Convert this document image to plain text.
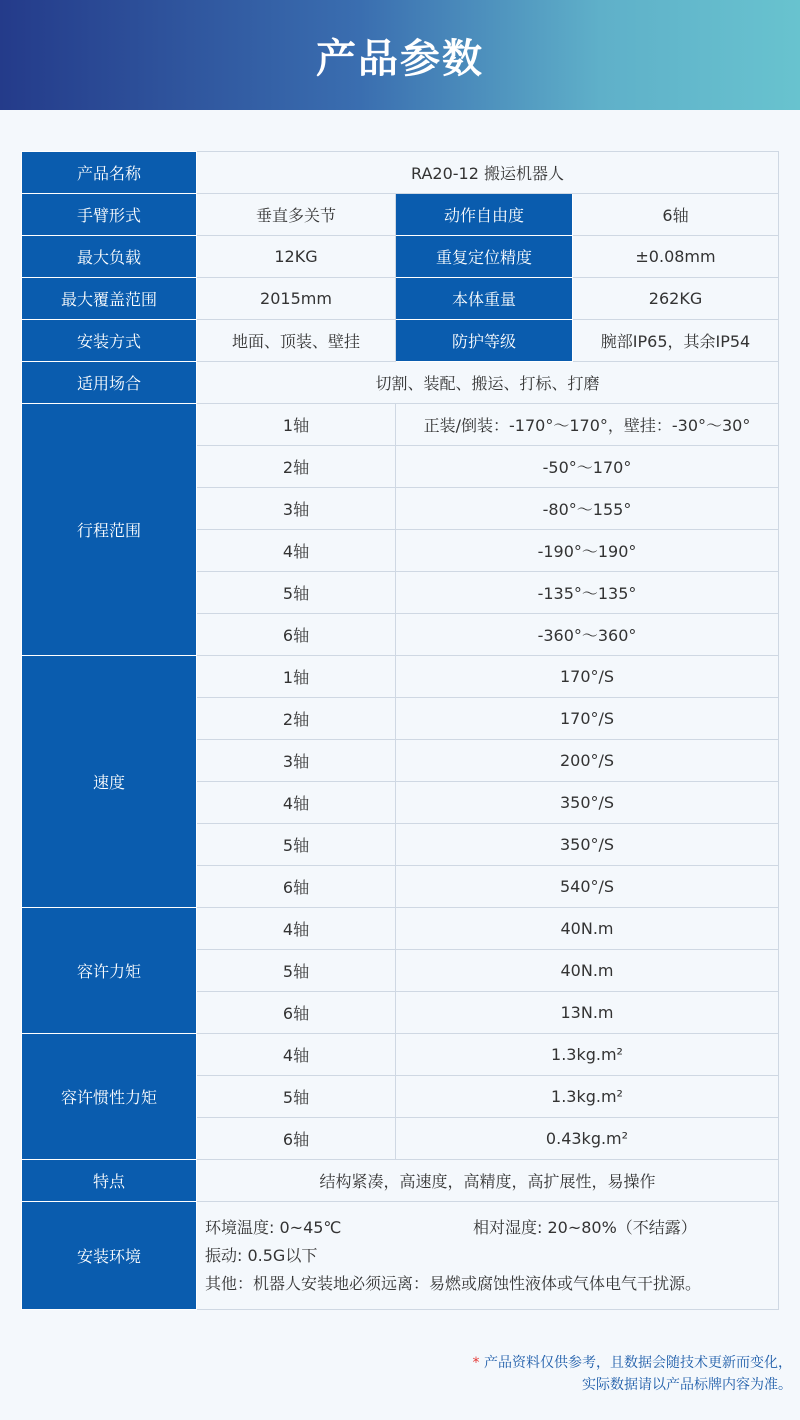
产品参数
产品名称	RA20-12 搬运机器人		
手臂形式	垂直多关节	动作自由度	6轴
最大负载	12KG	重复定位精度	±0.08mm
最大覆盖范围	2015mm	本体重量	262KG
安装方式	地面、顶装、壁挂	防护等级	腕部IP65，其余IP54
适用场合	切割、装配、搬运、打标、打磨		
行程范围	1轴	正装/倒装：-170°～170°，壁挂：-30°～30°	
	2轴	-50°～170°	
	3轴	-80°～155°	
	4轴	-190°～190°	
	5轴	-135°～135°	
	6轴	-360°～360°	
速度	1轴	170°/S	
	2轴	170°/S	
	3轴	200°/S	
	4轴	350°/S	
	5轴	350°/S	
	6轴	540°/S	
容许力矩	4轴	40N.m	
	5轴	40N.m	
	6轴	13N.m	
容许惯性力矩	4轴	1.3kg.m²	
	5轴	1.3kg.m²	
	6轴	0.43kg.m²	
特点	结构紧凑，高速度，高精度，高扩展性，易操作		
安装环境	环境温度: 0~45℃ 相对湿度: 20~80%（不结露）
振动: 0.5G以下
其他：机器人安装地必须远离：易燃或腐蚀性液体或气体电气干扰源。		
* 产品资料仅供参考，且数据会随技术更新而变化，
实际数据请以产品标牌内容为准。
